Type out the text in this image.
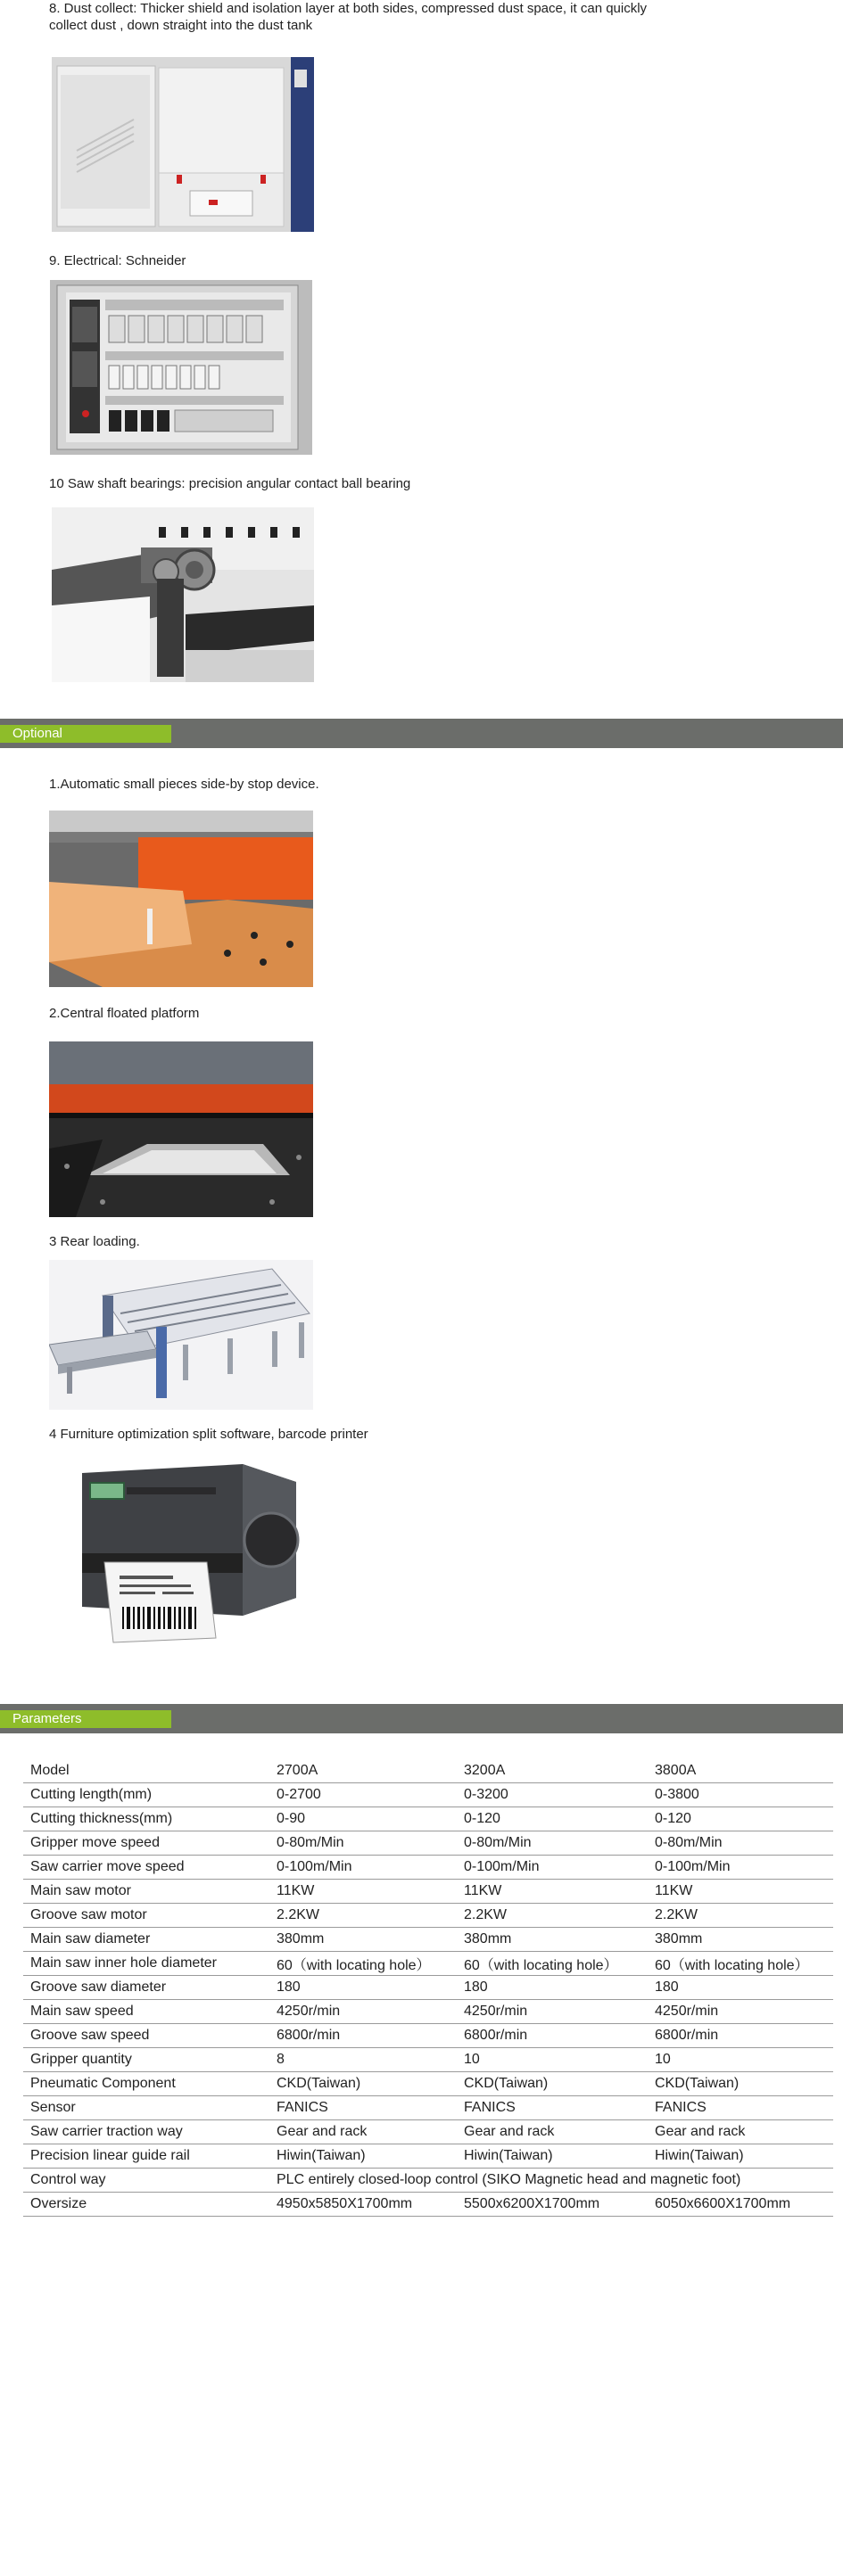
8. Dust collect: Thicker shield and isolation layer at both sides, compressed dust space, it can quickly collect dust , down straight into the dust tank
9. Electrical: Schneider
10 Saw shaft bearings: precision angular contact ball bearing
Optional
1.Automatic small pieces side-by stop device.
2.Central floated platform
3 Rear loading.
4 Furniture optimization split software, barcode printer
Parameters
Model	2700A	3200A	3800A
Cutting length(mm)	0-2700	0-3200	0-3800
Cutting thickness(mm)	0-90	0-120	0-120
Gripper move speed	0-80m/Min	0-80m/Min	0-80m/Min
Saw carrier move speed	0-100m/Min	0-100m/Min	0-100m/Min
Main saw motor	11KW	11KW	11KW
Groove saw motor	2.2KW	2.2KW	2.2KW
Main saw diameter	380mm	380mm	380mm
Main saw inner hole diameter	60（with locating hole）	60（with locating hole）	60（with locating hole）
Groove saw diameter	180	180	180
Main saw speed	4250r/min	4250r/min	4250r/min
Groove saw speed	6800r/min	6800r/min	6800r/min
Gripper quantity	8	10	10
Pneumatic Component	CKD(Taiwan)	CKD(Taiwan)	CKD(Taiwan)
Sensor	FANICS	FANICS	FANICS
Saw carrier traction way	Gear and rack	Gear and rack	Gear and rack
Precision linear guide rail	Hiwin(Taiwan)	Hiwin(Taiwan)	Hiwin(Taiwan)
Control way	PLC entirely closed-loop control (SIKO Magnetic head and magnetic foot)		
Oversize	4950x5850X1700mm	5500x6200X1700mm	6050x6600X1700mm
